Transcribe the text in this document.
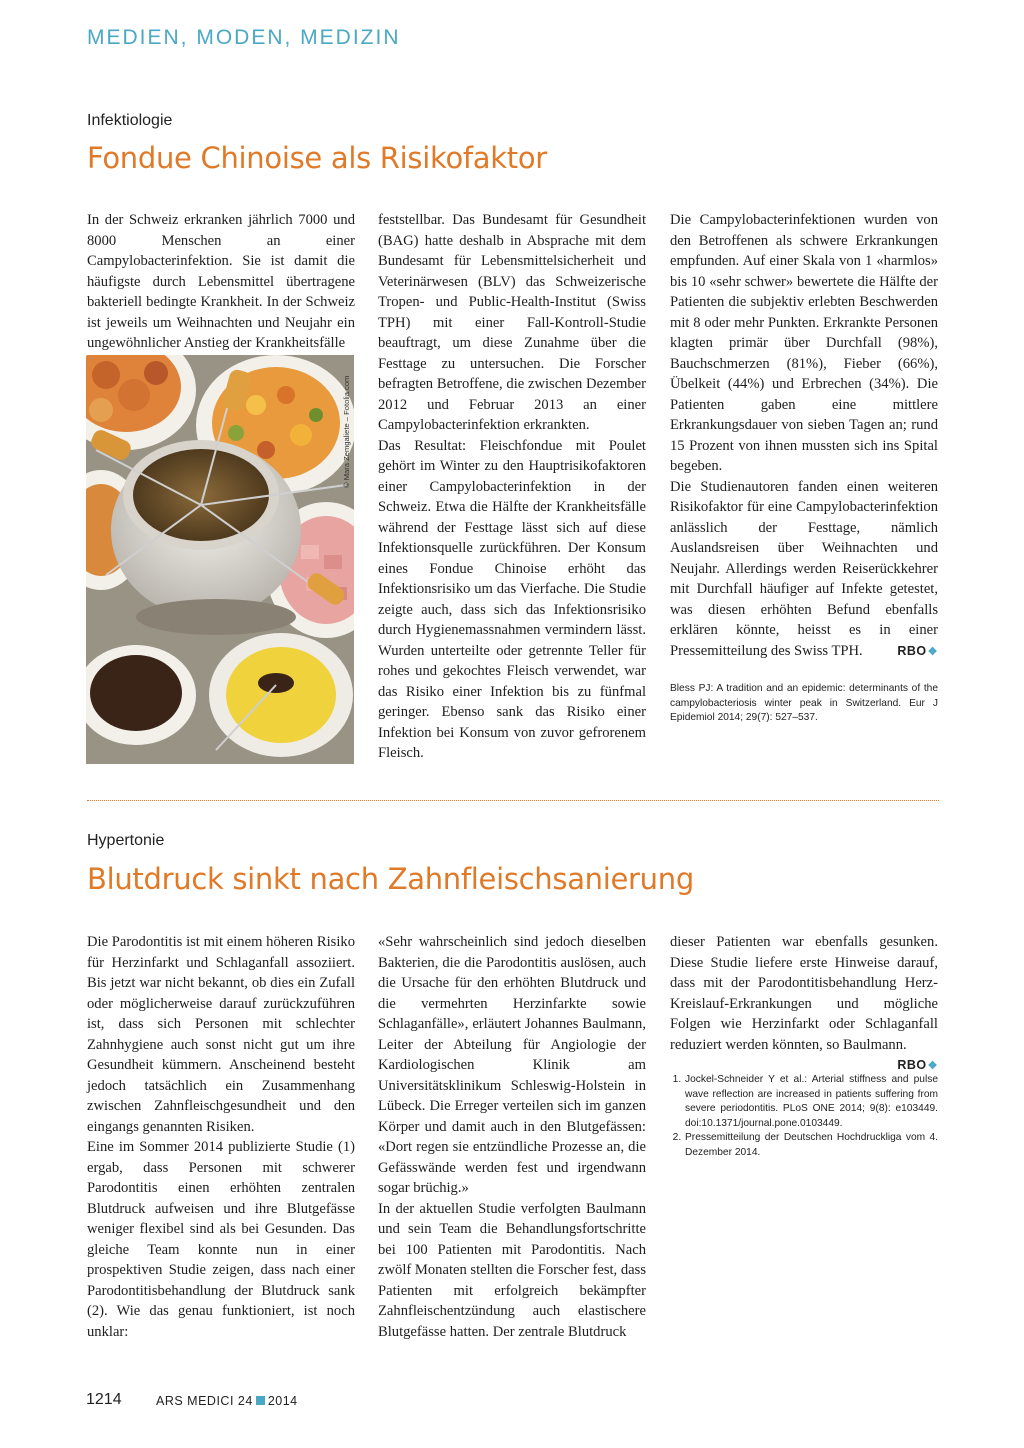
MEDIEN, MODEN, MEDIZIN
Infektiologie
Fondue Chinoise als Risikofaktor

In der Schweiz erkranken jährlich 7000 und 8000 Menschen an einer Campylobacterinfektion. Sie ist damit die häufigste durch Lebensmittel übertragene bakteriell bedingte Krankheit. In der Schweiz ist jeweils um Weihnachten und Neujahr ein ungewöhnlicher Anstieg der Krankheitsfälle

© Mara Zemgaliete – Fotolia.com

feststellbar. Das Bundesamt für Gesundheit (BAG) hatte deshalb in Absprache mit dem Bundesamt für Lebensmittelsicherheit und Veterinärwesen (BLV) das Schweizerische Tropen- und Public-Health-Institut (Swiss TPH) mit einer Fall-Kontroll-Studie beauftragt, um diese Zunahme über die Festtage zu untersuchen. Die Forscher befragten Betroffene, die zwischen Dezember 2012 und Februar 2013 an einer Campylobacterinfektion erkrankten.

Das Resultat: Fleischfondue mit Poulet gehört im Winter zu den Hauptrisikofaktoren einer Campylobacterinfektion in der Schweiz. Etwa die Hälfte der Krankheitsfälle während der Festtage lässt sich auf diese Infektionsquelle zurückführen. Der Konsum eines Fondue Chinoise erhöht das Infektionsrisiko um das Vierfache. Die Studie zeigte auch, dass sich das Infektionsrisiko durch Hygienemassnahmen vermindern lässt. Wurden unterteilte oder getrennte Teller für rohes und gekochtes Fleisch verwendet, war das Risiko einer Infektion bis zu fünfmal geringer. Ebenso sank das Risiko einer Infektion bei Konsum von zuvor gefrorenem Fleisch.

Die Campylobacterinfektionen wurden von den Betroffenen als schwere Erkrankungen empfunden. Auf einer Skala von 1 «harmlos» bis 10 «sehr schwer» bewertete die Hälfte der Patienten die subjektiv erlebten Beschwerden mit 8 oder mehr Punkten. Erkrankte Personen klagten primär über Durchfall (98%), Bauchschmerzen (81%), Fieber (66%), Übelkeit (44%) und Erbrechen (34%). Die Patienten gaben eine mittlere Erkrankungsdauer von sieben Tagen an; rund 15 Prozent von ihnen mussten sich ins Spital begeben.

Die Studienautoren fanden einen weiteren Risikofaktor für eine Campylobacterinfektion anlässlich der Festtage, nämlich Auslandsreisen über Weihnachten und Neujahr. Allerdings werden Reiserückkehrer mit Durchfall häufiger auf Infekte getestet, was diesen erhöhten Befund ebenfalls erklären könnte, heisst es in einer Pressemitteilung des Swiss TPH.	RBO❖

Bless PJ: A tradition and an epidemic: determinants of the campylobacteriosis winter peak in Switzerland. Eur J Epidemiol 2014; 29(7): 527–537.
Hypertonie
Blutdruck sinkt nach Zahnfleischsanierung

Die Parodontitis ist mit einem höheren Risiko für Herzinfarkt und Schlaganfall assoziiert. Bis jetzt war nicht bekannt, ob dies ein Zufall oder möglicherweise darauf zurückzuführen ist, dass sich Personen mit schlechter Zahnhygiene auch sonst nicht gut um ihre Gesundheit kümmern. Anscheinend besteht jedoch tatsächlich ein Zusammenhang zwischen Zahnfleischgesundheit und den eingangs genannten Risiken.

Eine im Sommer 2014 publizierte Studie (1) ergab, dass Personen mit schwerer Parodontitis einen erhöhten zentralen Blutdruck aufweisen und ihre Blutgefässe weniger flexibel sind als bei Gesunden. Das gleiche Team konnte nun in einer prospektiven Studie zeigen, dass nach einer Parodontitisbehandlung der Blutdruck sank (2). Wie das genau funktioniert, ist noch unklar:

«Sehr wahrscheinlich sind jedoch dieselben Bakterien, die die Parodontitis auslösen, auch die Ursache für den erhöhten Blutdruck und die vermehrten Herzinfarkte sowie Schlaganfälle», erläutert Johannes Baulmann, Leiter der Abteilung für Angiologie der Kardiologischen Klinik am Universitätsklinikum Schleswig-Holstein in Lübeck. Die Erreger verteilen sich im ganzen Körper und damit auch in den Blutgefässen: «Dort regen sie entzündliche Prozesse an, die Gefässwände werden fest und irgendwann sogar brüchig.»

In der aktuellen Studie verfolgten Baulmann und sein Team die Behandlungsfortschritte bei 100 Patienten mit Parodontitis. Nach zwölf Monaten stellten die Forscher fest, dass Patienten mit erfolgreich bekämpfter Zahnfleischentzündung auch elastischere Blutgefässe hatten. Der zentrale Blutdruck

dieser Patienten war ebenfalls gesunken. Diese Studie liefere erste Hinweise darauf, dass mit der Parodontitisbehandlung Herz-Kreislauf-Erkrankungen und mögliche Folgen wie Herzinfarkt oder Schlaganfall reduziert werden könnten, so Baulmann.
RBO❖

1. Jockel-Schneider Y et al.: Arterial stiffness and pulse wave reflection are increased in patients suffering from severe periodontitis. PLoS ONE 2014; 9(8): e103449. doi:10.1371/journal.pone.0103449.
2. Pressemitteilung der Deutschen Hochdruckliga vom 4. Dezember 2014.
1214	ARS MEDICI 24 2014
